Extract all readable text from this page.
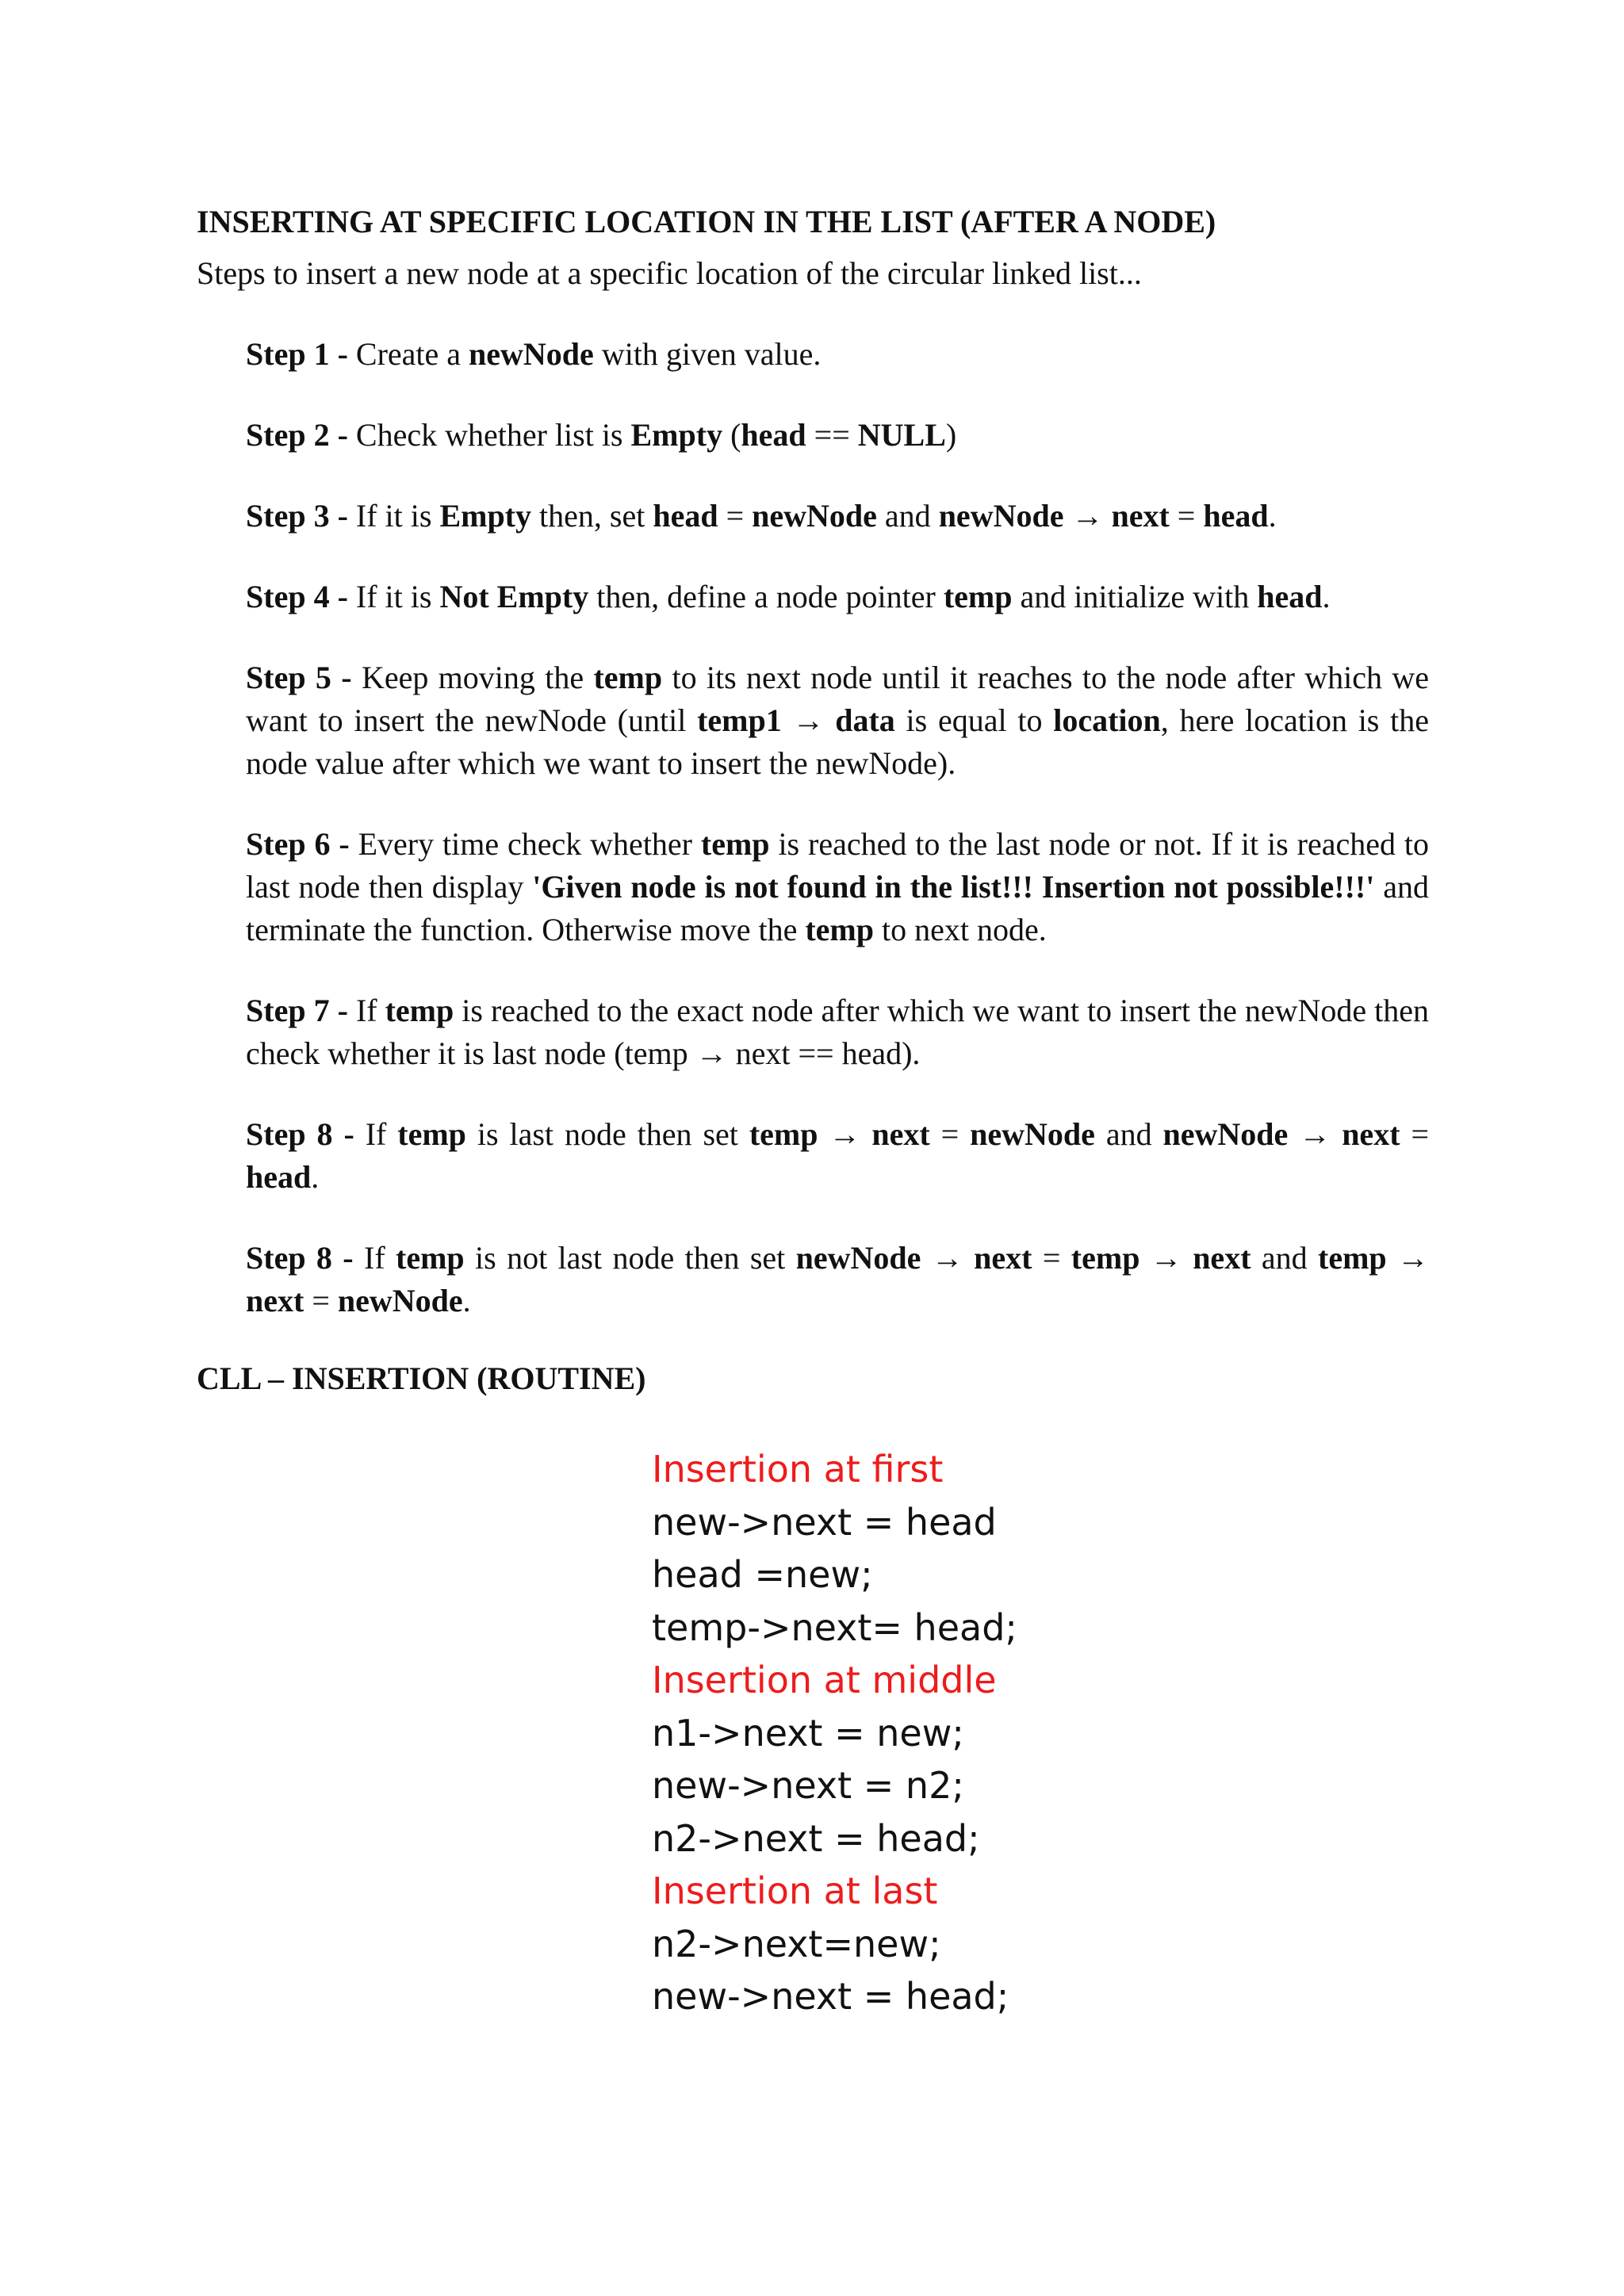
INSERTING AT SPECIFIC LOCATION IN THE LIST (AFTER A NODE)

Steps to insert a new node at a specific location of the circular linked list...

Step 1 - Create a newNode with given value.

Step 2 - Check whether list is Empty (head == NULL)

Step 3 - If it is Empty then, set head = newNode and newNode → next = head.

Step 4 - If it is Not Empty then, define a node pointer temp and initialize with head.

Step 5 - Keep moving the temp to its next node until it reaches to the node after which we want to insert the newNode (until temp1 → data is equal to location, here location is the node value after which we want to insert the newNode).

Step 6 - Every time check whether temp is reached to the last node or not. If it is reached to last node then display 'Given node is not found in the list!!! Insertion not possible!!!' and terminate the function. Otherwise move the temp to next node.

Step 7 - If temp is reached to the exact node after which we want to insert the newNode then check whether it is last node (temp → next == head).

Step 8 - If temp is last node then set temp → next = newNode and newNode → next = head.

Step 8 - If temp is not last node then set newNode → next = temp → next and temp → next = newNode.

CLL – INSERTION (ROUTINE)
Insertion at first
new->next = head
head =new;
temp->next= head;
Insertion at middle
n1->next = new;
new->next = n2;
n2->next = head;
Insertion at last
n2->next=new;
new->next = head;
